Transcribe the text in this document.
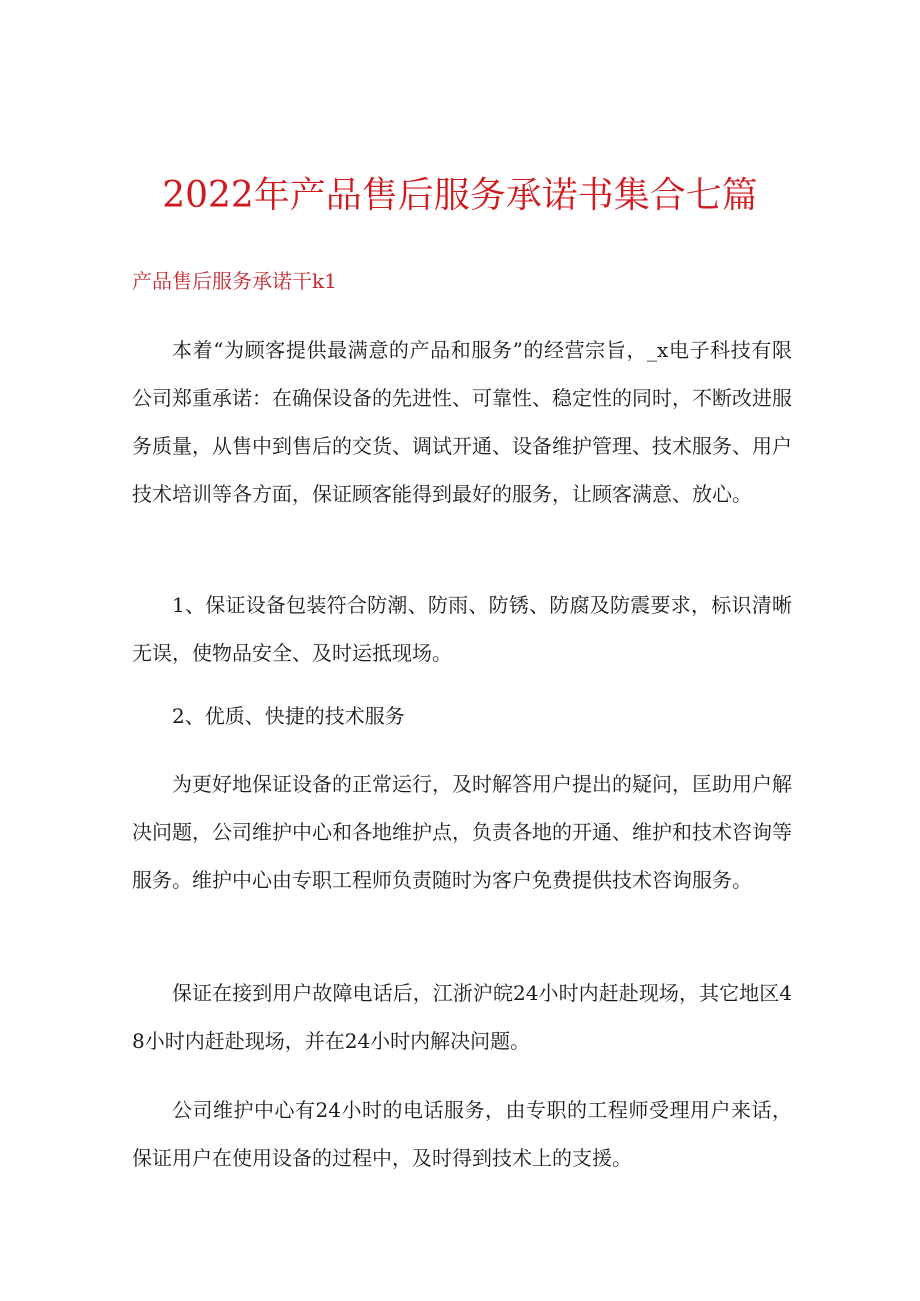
2022年产品售后服务承诺书集合七篇
产品售后服务承诺干k1

本着“为顾客提供最满意的产品和服务”的经营宗旨，_x电子科技有限公司郑重承诺：在确保设备的先进性、可靠性、稳定性的同时，不断改进服务质量，从售中到售后的交货、调试开通、设备维护管理、技术服务、用户技术培训等各方面，保证顾客能得到最好的服务，让顾客满意、放心。

1、保证设备包装符合防潮、防雨、防锈、防腐及防震要求，标识清晰无误，使物品安全、及时运抵现场。

2、优质、快捷的技术服务

为更好地保证设备的正常运行，及时解答用户提出的疑问，匡助用户解决问题，公司维护中心和各地维护点，负责各地的开通、维护和技术咨询等服务。维护中心由专职工程师负责随时为客户免费提供技术咨询服务。

保证在接到用户故障电话后，江浙沪皖24小时内赶赴现场，其它地区48小时内赶赴现场，并在24小时内解决问题。

公司维护中心有24小时的电话服务，由专职的工程师受理用户来话，保证用户在使用设备的过程中，及时得到技术上的支援。
